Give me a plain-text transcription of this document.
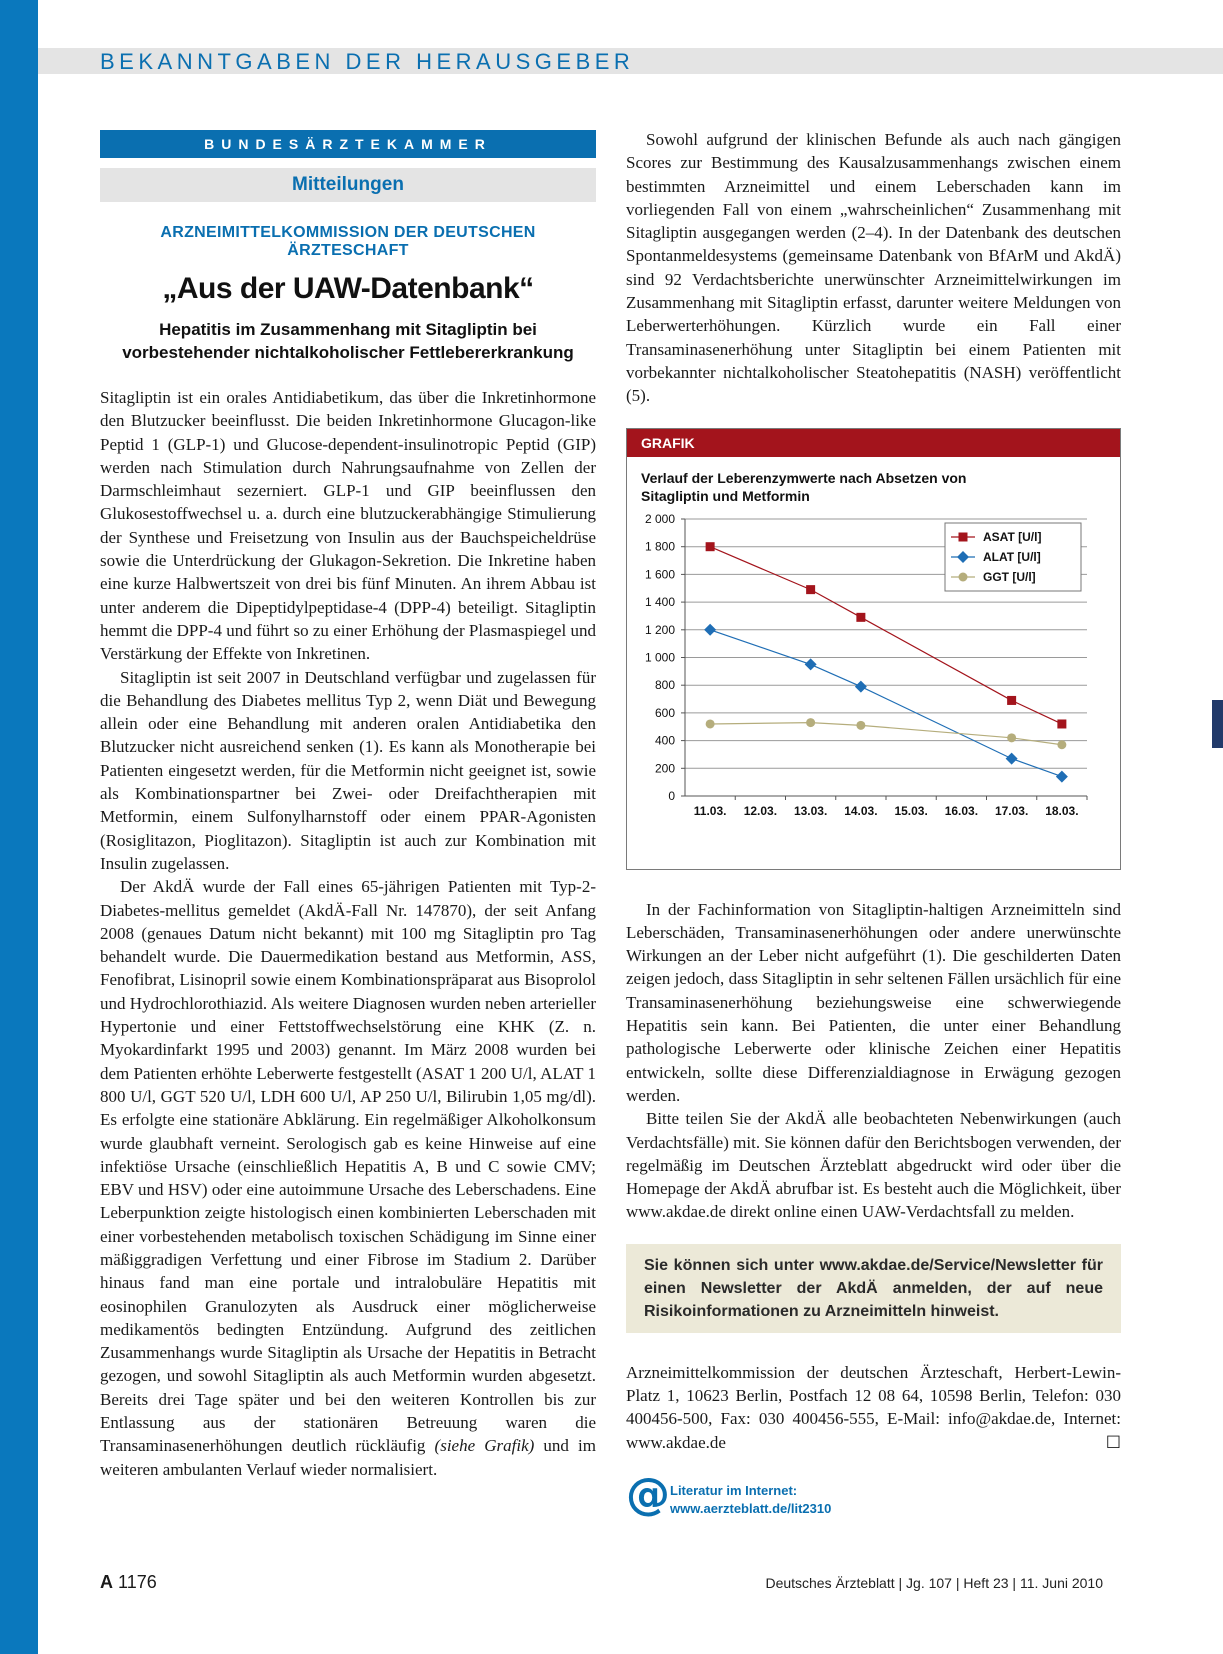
BEKANNTGABEN DER HERAUSGEBER
BUNDESÄRZTEKAMMER
Mitteilungen
ARZNEIMITTELKOMMISSION DER DEUTSCHEN ÄRZTESCHAFT
„Aus der UAW-Datenbank“
Hepatitis im Zusammenhang mit Sitagliptin bei
vorbestehender nichtalkoholischer Fettlebererkrankung

Sitagliptin ist ein orales Antidiabetikum, das über die Inkretinhormone den Blutzucker beeinflusst. Die beiden Inkretinhormone Glucagon-like Peptid 1 (GLP-1) und Glucose-dependent-insulinotropic Peptid (GIP) werden nach Stimulation durch Nahrungsaufnahme von Zellen der Darmschleimhaut sezerniert. GLP-1 und GIP beeinflussen den Glukosestoffwechsel u. a. durch eine blutzuckerabhängige Stimulierung der Synthese und Freisetzung von Insulin aus der Bauchspeicheldrüse sowie die Unterdrückung der Glukagon-Sekretion. Die Inkretine haben eine kurze Halbwertszeit von drei bis fünf Minuten. An ihrem Abbau ist unter anderem die Dipeptidylpeptidase-4 (DPP-4) beteiligt. Sitagliptin hemmt die DPP-4 und führt so zu einer Erhöhung der Plasmaspiegel und Verstärkung der Effekte von Inkretinen.

Sitagliptin ist seit 2007 in Deutschland verfügbar und zugelassen für die Behandlung des Diabetes mellitus Typ 2, wenn Diät und Bewegung allein oder eine Behandlung mit anderen oralen Antidiabetika den Blutzucker nicht ausreichend senken (1). Es kann als Monotherapie bei Patienten eingesetzt werden, für die Metformin nicht geeignet ist, sowie als Kombinationspartner bei Zwei- oder Dreifachtherapien mit Metformin, einem Sulfonylharnstoff oder einem PPAR-Agonisten (Rosiglitazon, Pioglitazon). Sitagliptin ist auch zur Kombination mit Insulin zugelassen.

Der AkdÄ wurde der Fall eines 65-jährigen Patienten mit Typ-2-Diabetes-mellitus gemeldet (AkdÄ-Fall Nr. 147870), der seit Anfang 2008 (genaues Datum nicht bekannt) mit 100 mg Sitagliptin pro Tag behandelt wurde. Die Dauermedikation bestand aus Metformin, ASS, Fenofibrat, Lisinopril sowie einem Kombinationspräparat aus Bisoprolol und Hydrochlorothiazid. Als weitere Diagnosen wurden neben arterieller Hypertonie und einer Fettstoffwechselstörung eine KHK (Z. n. Myokardinfarkt 1995 und 2003) genannt. Im März 2008 wurden bei dem Patienten erhöhte Leberwerte festgestellt (ASAT 1 200 U/l, ALAT 1 800 U/l, GGT 520 U/l, LDH 600 U/l, AP 250 U/l, Bilirubin 1,05 mg/dl). Es erfolgte eine stationäre Abklärung. Ein regelmäßiger Alkoholkonsum wurde glaubhaft verneint. Serologisch gab es keine Hinweise auf eine infektiöse Ursache (einschließlich Hepatitis A, B und C sowie CMV; EBV und HSV) oder eine autoimmune Ursache des Leberschadens. Eine Leberpunktion zeigte histologisch einen kombinierten Leberschaden mit einer vorbestehenden metabolisch toxischen Schädigung im Sinne einer mäßiggradigen Verfettung und einer Fibrose im Stadium 2. Darüber hinaus fand man eine portale und intralobuläre Hepatitis mit eosinophilen Granulozyten als Ausdruck einer möglicherweise medikamentös bedingten Entzündung. Aufgrund des zeitlichen Zusammenhangs wurde Sitagliptin als Ursache der Hepatitis in Betracht gezogen, und sowohl Sitagliptin als auch Metformin wurden abgesetzt. Bereits drei Tage später und bei den weiteren Kontrollen bis zur Entlassung aus der stationären Betreuung waren die Transaminasenerhöhungen deutlich rückläufig (siehe Grafik) und im weiteren ambulanten Verlauf wieder normalisiert.

Sowohl aufgrund der klinischen Befunde als auch nach gängigen Scores zur Bestimmung des Kausalzusammenhangs zwischen einem bestimmten Arzneimittel und einem Leberschaden kann im vorliegenden Fall von einem „wahrscheinlichen“ Zusammenhang mit Sitagliptin ausgegangen werden (2–4). In der Datenbank des deutschen Spontanmeldesystems (gemeinsame Datenbank von BfArM und AkdÄ) sind 92 Verdachtsberichte unerwünschter Arzneimittelwirkungen im Zusammenhang mit Sitagliptin erfasst, darunter weitere Meldungen von Leberwerterhöhungen. Kürzlich wurde ein Fall einer Transaminasenerhöhung unter Sitagliptin bei einem Patienten mit vorbekannter nichtalkoholischer Steatohepatitis (NASH) veröffentlicht (5).

GRAFIK
Verlauf der Leberenzymwerte nach Absetzen von
Sitagliptin und Metformin
0
200
400
600
800
1 000
1 200
1 400
1 600
1 800
2 000
11.03. 12.03. 13.03. 14.03. 15.03. 16.03. 17.03. 18.03.
ASAT [U/l]
ALAT [U/l]
GGT [U/l]

In der Fachinformation von Sitagliptin-haltigen Arzneimitteln sind Leberschäden, Transaminasenerhöhungen oder andere unerwünschte Wirkungen an der Leber nicht aufgeführt (1). Die geschilderten Daten zeigen jedoch, dass Sitagliptin in sehr seltenen Fällen ursächlich für eine Transaminasenerhöhung beziehungsweise eine schwerwiegende Hepatitis sein kann. Bei Patienten, die unter einer Behandlung pathologische Leberwerte oder klinische Zeichen einer Hepatitis entwickeln, sollte diese Differenzialdiagnose in Erwägung gezogen werden.

Bitte teilen Sie der AkdÄ alle beobachteten Nebenwirkungen (auch Verdachtsfälle) mit. Sie können dafür den Berichtsbogen verwenden, der regelmäßig im Deutschen Ärzteblatt abgedruckt wird oder über die Homepage der AkdÄ abrufbar ist. Es besteht auch die Möglichkeit, über www.akdae.de direkt online einen UAW-Verdachtsfall zu melden.

Sie können sich unter www.akdae.de/Service/Newsletter für einen Newsletter der AkdÄ anmelden, der auf neue Risikoinformationen zu Arzneimitteln hinweist.

Arzneimittelkommission der deutschen Ärzteschaft, Herbert-Lewin-Platz 1, 10623 Berlin, Postfach 12 08 64, 10598 Berlin, Telefon: 030 400456-500, Fax: 030 400456-555, E-Mail: info@akdae.de, Internet: www.akdae.de	☐

@ Literatur im Internet:
www.aerzteblatt.de/lit2310
A 1176	Deutsches Ärzteblatt | Jg. 107 | Heft 23 | 11. Juni 2010
